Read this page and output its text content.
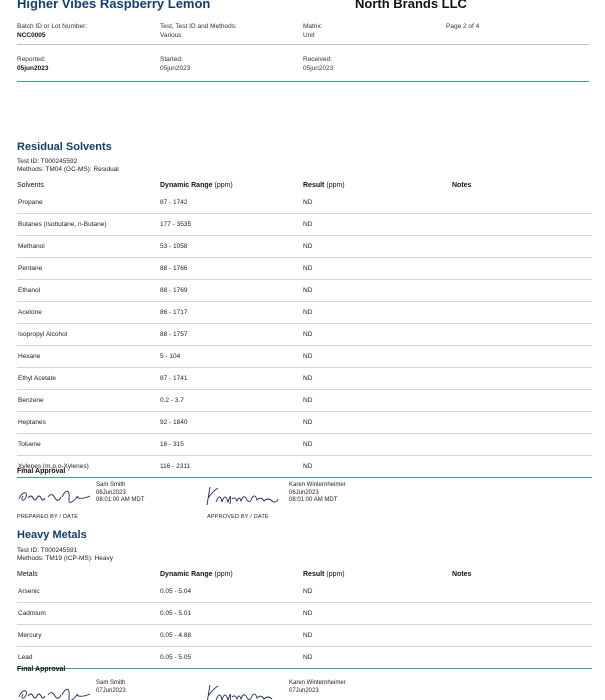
Higher Vibes Raspberry Lemon	North Brands LLC
Batch ID or Lot Number:
NCC0005
Test, Test ID and Methods:
Various
Matrix:
Unit
Page 2 of 4
Reported:
05jun2023
Started:
05jun2023
Received:
05jun2023
Residual Solvents
Test ID: T000245592
Methods: TM04 (GC-MS): Residual
Solvents	Dynamic Range (ppm)	Result (ppm)	Notes
Propane	87 - 1742	ND	
Butanes (Isobutane, n-Butane)	177 - 3535	ND	
Methanol	53 - 1058	ND	
Pentane	88 - 1766	ND	
Ethanol	88 - 1769	ND	
Acetone	86 - 1717	ND	
Isopropyl Alcohol	88 - 1757	ND	
Hexane	5 - 104	ND	
Ethyl Acetate	87 - 1741	ND	
Benzene	0.2 - 3.7	ND	
Heptanes	92 - 1840	ND	
Toluene	16 - 315	ND	
Xylenes (m,p,o-Xylenes)	116 - 2311	ND	
Final Approval
Sam Smith
06Jun2023
08:01:00 AM MDT
PREPARED BY / DATE
Karen Winternheimer
06Jun2023
08:01:00 AM MDT
APPROVED BY / DATE
Heavy Metals
Test ID: T000245591
Methods: TM19 (ICP-MS): Heavy
Metals	Dynamic Range (ppm)	Result (ppm)	Notes
Arsenic	0.05 - 5.04	ND	
Cadmium	0.05 - 5.01	ND	
Mercury	0.05 - 4.88	ND	
Lead	0.05 - 5.05	ND	
Final Approval
Sam Smith
07Jun2023
Karen Winternheimer
07Jun2023
